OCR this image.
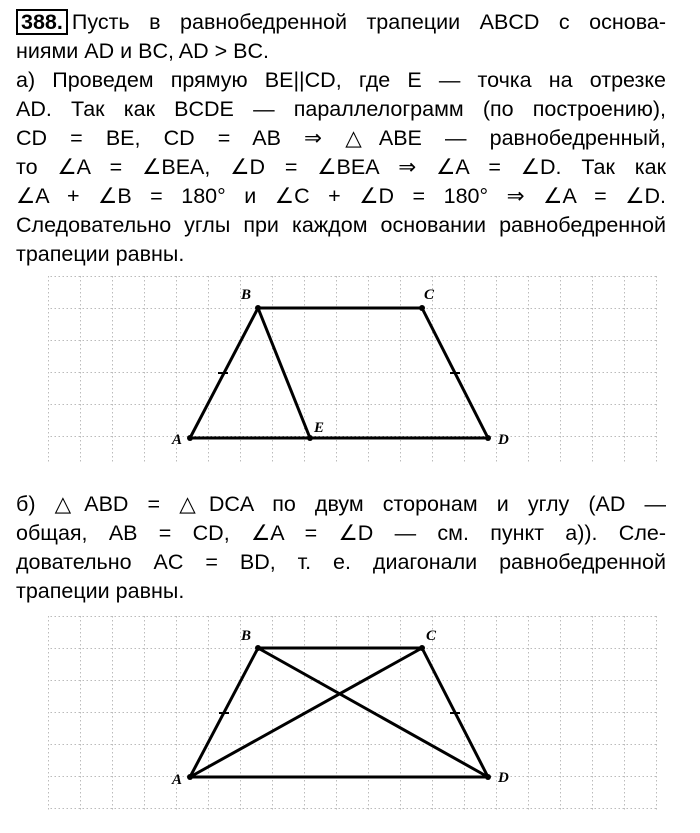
388. Пусть в равнобедренной трапеции ABCD с основа-
ниями AD и BC, AD > BC.
а) Проведем прямую BE||CD, где E — точка на отрезке
AD. Так как BCDE — параллелограмм (по построению),
CD = BE, CD = AB ⇒ △ABE — равнобедренный,
то ∠A = ∠BEA, ∠D = ∠BEA ⇒ ∠A = ∠D. Так как
∠A + ∠B = 180° и ∠C + ∠D = 180° ⇒ ∠A = ∠D.
Следовательно углы при каждом основании равнобедренной
трапеции равны.
A
B	C
D
E
б) △ABD = △DCA по двум сторонам и углу (AD —
общая, AB = CD, ∠A = ∠D — см. пункт а)). Сле-
довательно AC = BD, т. е. диагонали равнобедренной
трапеции равны.
A
B	C
D
